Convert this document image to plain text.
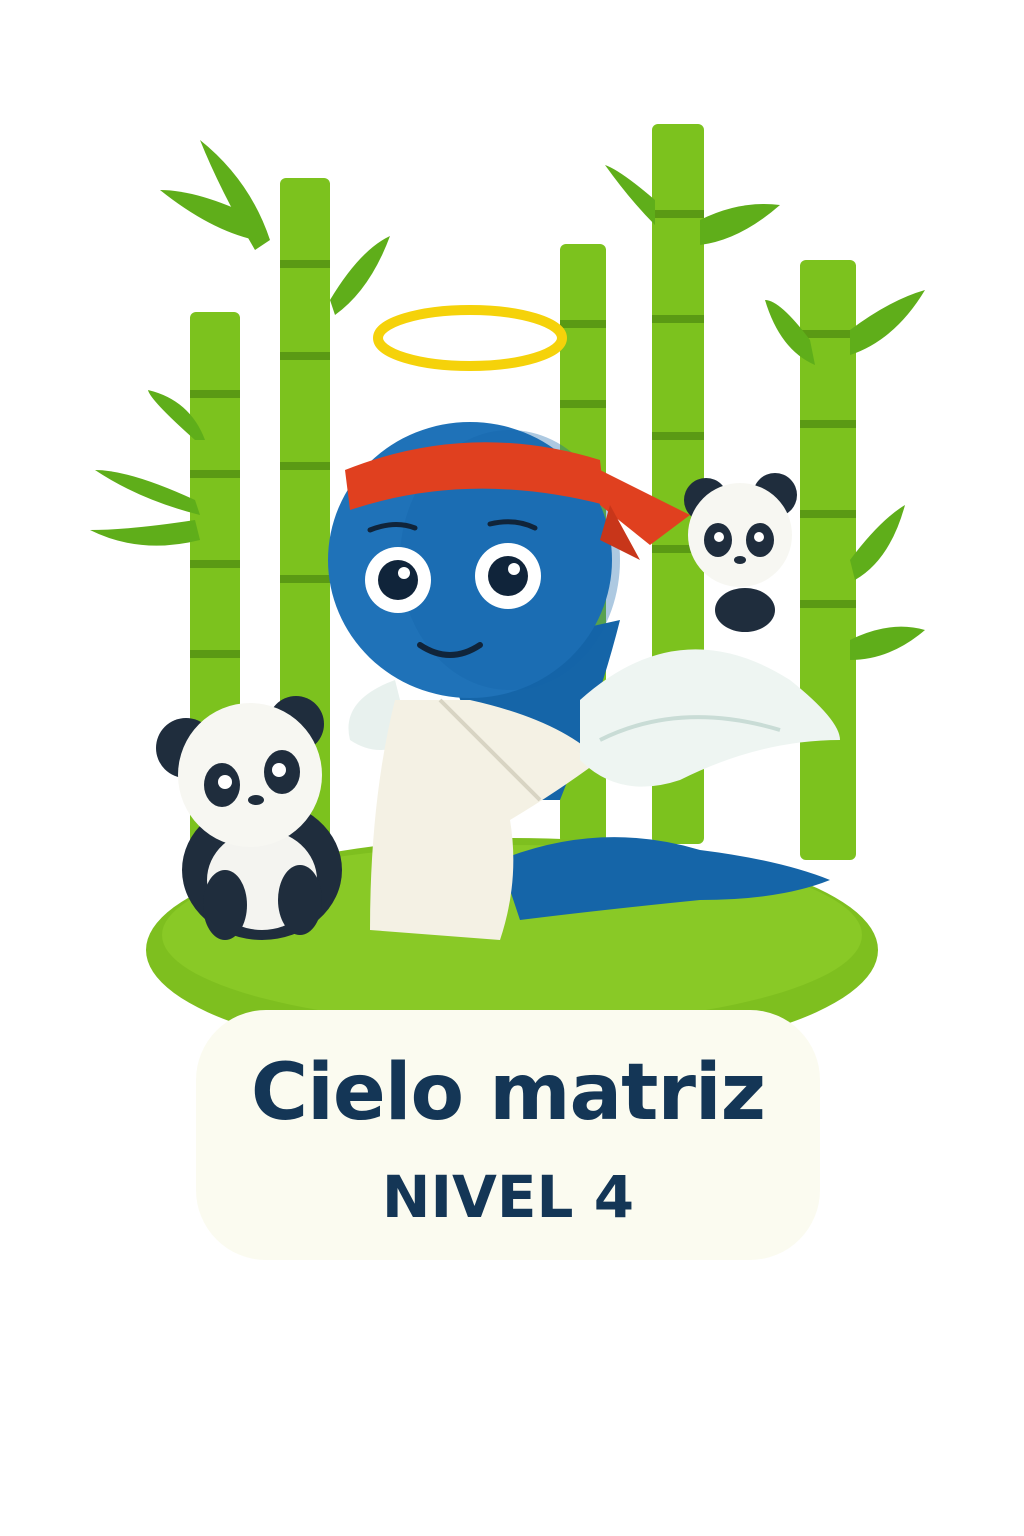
Cielo matriz
NIVEL 4
